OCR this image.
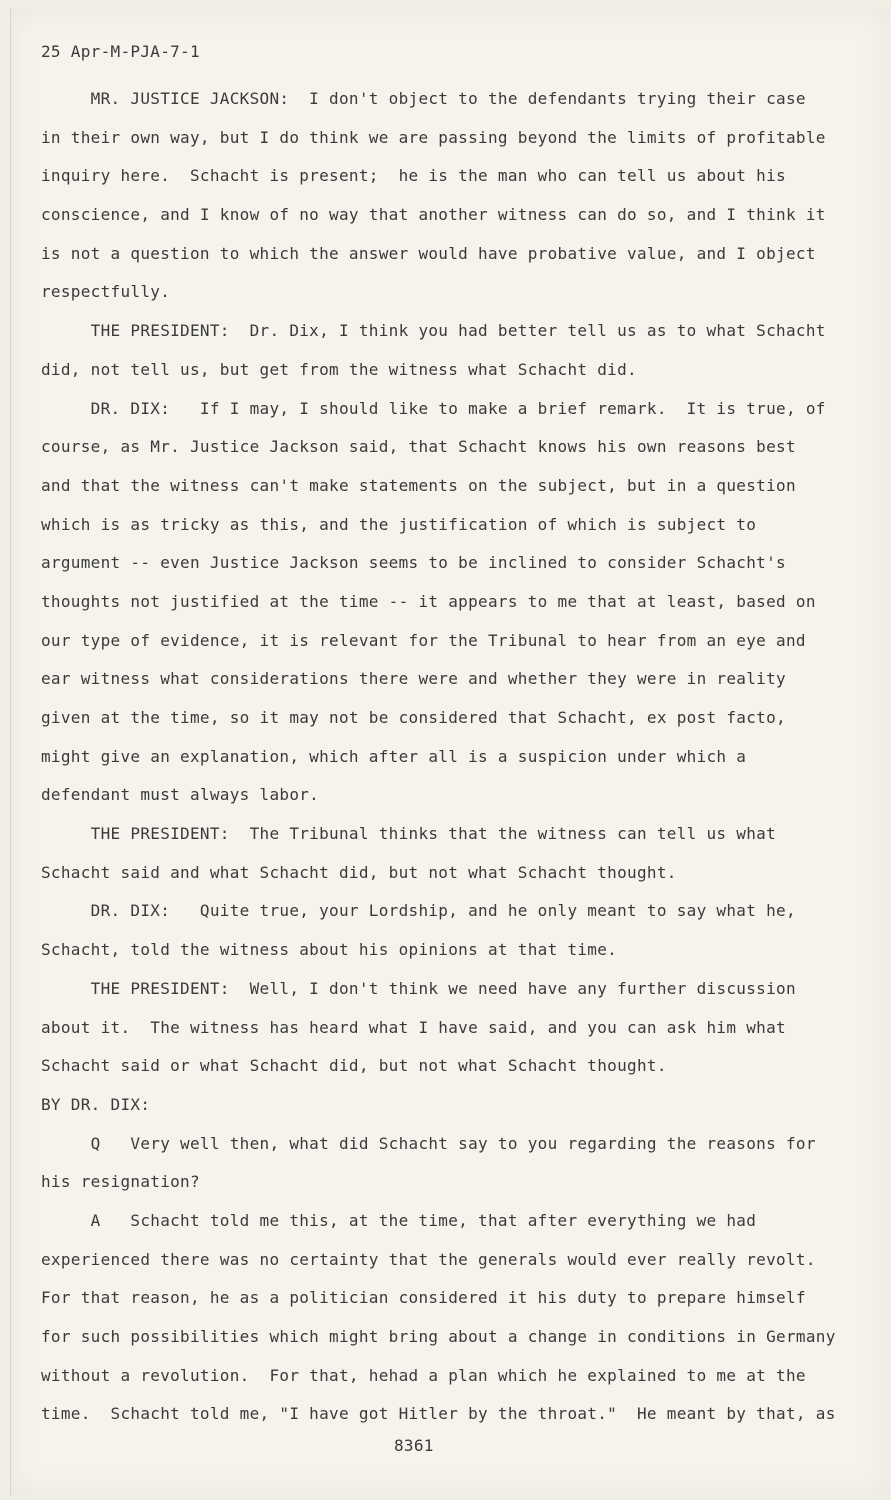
25 Apr-M-PJA-7-1
MR. JUSTICE JACKSON:  I don't object to the defendants trying their case
in their own way, but I do think we are passing beyond the limits of profitable
inquiry here.  Schacht is present;  he is the man who can tell us about his
conscience, and I know of no way that another witness can do so, and I think it
is not a question to which the answer would have probative value, and I object
respectfully.
THE PRESIDENT:  Dr. Dix, I think you had better tell us as to what Schacht
did, not tell us, but get from the witness what Schacht did.
DR. DIX:   If I may, I should like to make a brief remark.  It is true, of
course, as Mr. Justice Jackson said, that Schacht knows his own reasons best
and that the witness can't make statements on the subject, but in a question
which is as tricky as this, and the justification of which is subject to
argument -- even Justice Jackson seems to be inclined to consider Schacht's
thoughts not justified at the time -- it appears to me that at least, based on
our type of evidence, it is relevant for the Tribunal to hear from an eye and
ear witness what considerations there were and whether they were in reality
given at the time, so it may not be considered that Schacht, ex post facto,
might give an explanation, which after all is a suspicion under which a
defendant must always labor.
THE PRESIDENT:  The Tribunal thinks that the witness can tell us what
Schacht said and what Schacht did, but not what Schacht thought.
DR. DIX:   Quite true, your Lordship, and he only meant to say what he,
Schacht, told the witness about his opinions at that time.
THE PRESIDENT:  Well, I don't think we need have any further discussion
about it.  The witness has heard what I have said, and you can ask him what
Schacht said or what Schacht did, but not what Schacht thought.
BY DR. DIX:
Q   Very well then, what did Schacht say to you regarding the reasons for
his resignation?
A   Schacht told me this, at the time, that after everything we had
experienced there was no certainty that the generals would ever really revolt.
For that reason, he as a politician considered it his duty to prepare himself
for such possibilities which might bring about a change in conditions in Germany
without a revolution.  For that, hehad a plan which he explained to me at the
time.  Schacht told me, "I have got Hitler by the throat."  He meant by that, as
8361
